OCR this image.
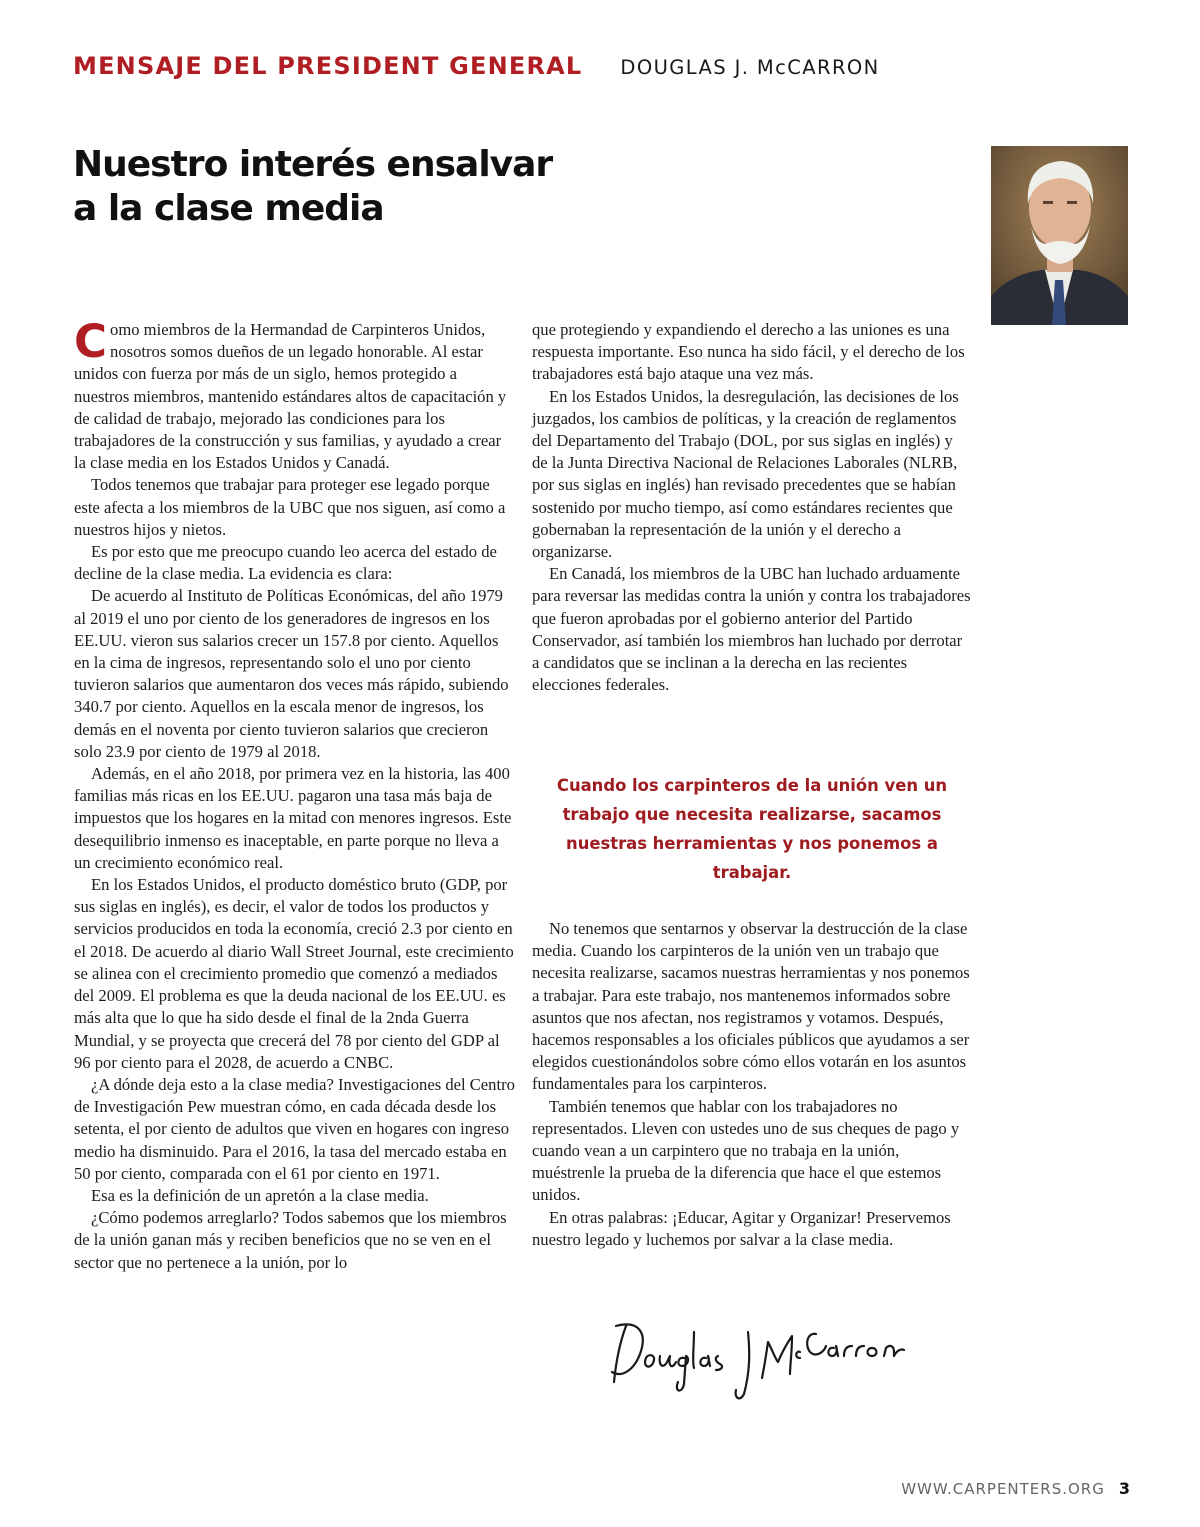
MENSAJE DEL PRESIDENT GENERAL DOUGLAS J. McCARRON
Nuestro interés ensalvar
a la clase media

Como miembros de la Hermandad de Carpinteros Unidos, nosotros somos dueños de un legado honorable. Al estar unidos con fuerza por más de un siglo, hemos protegido a nuestros miembros, mantenido estándares altos de capacitación y de calidad de trabajo, mejorado las condiciones para los trabajadores de la construcción y sus familias, y ayudado a crear la clase media en los Estados Unidos y Canadá.

Todos tenemos que trabajar para proteger ese legado porque este afecta a los miembros de la UBC que nos siguen, así como a nuestros hijos y nietos.

Es por esto que me preocupo cuando leo acerca del estado de decline de la clase media. La evidencia es clara:

De acuerdo al Instituto de Políticas Económicas, del año 1979 al 2019 el uno por ciento de los generadores de ingresos en los EE.UU. vieron sus salarios crecer un 157.8 por ciento. Aquellos en la cima de ingresos, representando solo el uno por ciento tuvieron salarios que aumentaron dos veces más rápido, subiendo 340.7 por ciento. Aquellos en la escala menor de ingresos, los demás en el noventa por ciento tuvieron salarios que crecieron solo 23.9 por ciento de 1979 al 2018.

Además, en el año 2018, por primera vez en la historia, las 400 familias más ricas en los EE.UU. pagaron una tasa más baja de impuestos que los hogares en la mitad con menores ingresos. Este desequilibrio inmenso es inaceptable, en parte porque no lleva a un crecimiento económico real.

En los Estados Unidos, el producto doméstico bruto (GDP, por sus siglas en inglés), es decir, el valor de todos los productos y servicios producidos en toda la economía, creció 2.3 por ciento en el 2018. De acuerdo al diario Wall Street Journal, este crecimiento se alinea con el crecimiento promedio que comenzó a mediados del 2009. El problema es que la deuda nacional de los EE.UU. es más alta que lo que ha sido desde el final de la 2nda Guerra Mundial, y se proyecta que crecerá del 78 por ciento del GDP al 96 por ciento para el 2028, de acuerdo a CNBC.

¿A dónde deja esto a la clase media? Investigaciones del Centro de Investigación Pew muestran cómo, en cada década desde los setenta, el por ciento de adultos que viven en hogares con ingreso medio ha disminuido. Para el 2016, la tasa del mercado estaba en 50 por ciento, comparada con el 61 por ciento en 1971.

Esa es la definición de un apretón a la clase media.

¿Cómo podemos arreglarlo? Todos sabemos que los miembros de la unión ganan más y reciben beneficios que no se ven en el sector que no pertenece a la unión, por lo

que protegiendo y expandiendo el derecho a las uniones es una respuesta importante. Eso nunca ha sido fácil, y el derecho de los trabajadores está bajo ataque una vez más.

En los Estados Unidos, la desregulación, las decisiones de los juzgados, los cambios de políticas, y la creación de reglamentos del Departamento del Trabajo (DOL, por sus siglas en inglés) y de la Junta Directiva Nacional de Relaciones Laborales (NLRB, por sus siglas en inglés) han revisado precedentes que se habían sostenido por mucho tiempo, así como estándares recientes que gobernaban la representación de la unión y el derecho a organizarse.

En Canadá, los miembros de la UBC han luchado arduamente para reversar las medidas contra la unión y contra los trabajadores que fueron aprobadas por el gobierno anterior del Partido Conservador, así también los miembros han luchado por derrotar a candidatos que se inclinan a la derecha en las recientes elecciones federales.

Cuando los carpinteros de la unión ven un trabajo que necesita realizarse, sacamos nuestras herramientas y nos ponemos a trabajar.

No tenemos que sentarnos y observar la destrucción de la clase media. Cuando los carpinteros de la unión ven un trabajo que necesita realizarse, sacamos nuestras herramientas y nos ponemos a trabajar. Para este trabajo, nos mantenemos informados sobre asuntos que nos afectan, nos registramos y votamos. Después, hacemos responsables a los oficiales públicos que ayudamos a ser elegidos cuestionándolos sobre cómo ellos votarán en los asuntos fundamentales para los carpinteros.

También tenemos que hablar con los trabajadores no representados. Lleven con ustedes uno de sus cheques de pago y cuando vean a un carpintero que no trabaja en la unión, muéstrenle la prueba de la diferencia que hace el que estemos unidos.

En otras palabras: ¡Educar, Agitar y Organizar! Preservemos nuestro legado y luchemos por salvar a la clase media.

WWW.CARPENTERS.ORG 3
